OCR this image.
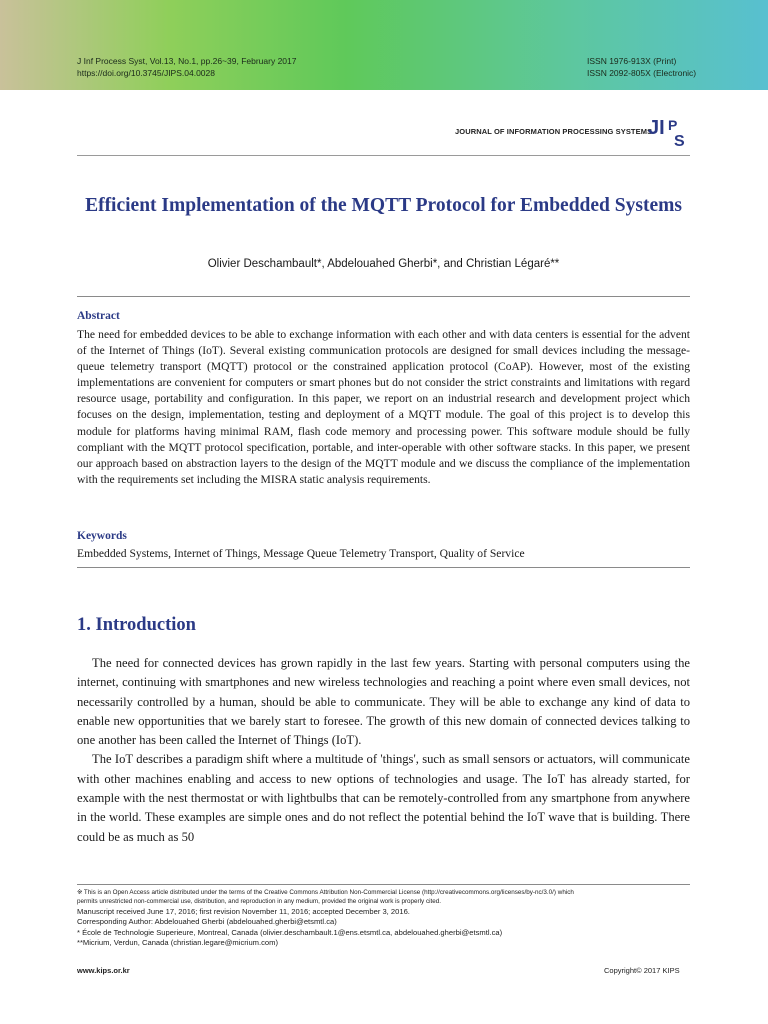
J Inf Process Syst, Vol.13, No.1, pp.26~39, February 2017
https://doi.org/10.3745/JIPS.04.0028
ISSN 1976-913X (Print)
ISSN 2092-805X (Electronic)
JOURNAL OF INFORMATION PROCESSING SYSTEMS
JI P
S
Efficient Implementation of the MQTT Protocol for Embedded Systems
Olivier Deschambault*, Abdelouahed Gherbi*, and Christian Légaré**
Abstract
The need for embedded devices to be able to exchange information with each other and with data centers is essential for the advent of the Internet of Things (IoT). Several existing communication protocols are designed for small devices including the message-queue telemetry transport (MQTT) protocol or the constrained application protocol (CoAP). However, most of the existing implementations are convenient for computers or smart phones but do not consider the strict constraints and limitations with regard resource usage, portability and configuration. In this paper, we report on an industrial research and development project which focuses on the design, implementation, testing and deployment of a MQTT module. The goal of this project is to develop this module for platforms having minimal RAM, flash code memory and processing power. This software module should be fully compliant with the MQTT protocol specification, portable, and inter-operable with other software stacks. In this paper, we present our approach based on abstraction layers to the design of the MQTT module and we discuss the compliance of the implementation with the requirements set including the MISRA static analysis requirements.
Keywords
Embedded Systems, Internet of Things, Message Queue Telemetry Transport, Quality of Service
1. Introduction

The need for connected devices has grown rapidly in the last few years. Starting with personal computers using the internet, continuing with smartphones and new wireless technologies and reaching a point where even small devices, not necessarily controlled by a human, should be able to communicate. They will be able to exchange any kind of data to enable new opportunities that we barely start to foresee. The growth of this new domain of connected devices talking to one another has been called the Internet of Things (IoT).

The IoT describes a paradigm shift where a multitude of 'things', such as small sensors or actuators, will communicate with other machines enabling and access to new options of technologies and usage. The IoT has already started, for example with the nest thermostat or with lightbulbs that can be remotely-controlled from any smartphone from anywhere in the world. These examples are simple ones and do not reflect the potential behind the IoT wave that is building. There could be as much as 50

※ This is an Open Access article distributed under the terms of the Creative Commons Attribution Non-Commercial License (http://creativecommons.org/licenses/by-nc/3.0/) which
permits unrestricted non-commercial use, distribution, and reproduction in any medium, provided the original work is properly cited.
Manuscript received June 17, 2016; first revision November 11, 2016; accepted December 3, 2016.
Corresponding Author: Abdelouahed Gherbi (abdelouahed.gherbi@etsmtl.ca)
* École de Technologie Superieure, Montreal, Canada (olivier.deschambault.1@ens.etsmtl.ca, abdelouahed.gherbi@etsmtl.ca)
**Micrium, Verdun, Canada (christian.legare@micrium.com)
www.kips.or.kr	Copyright© 2017 KIPS
